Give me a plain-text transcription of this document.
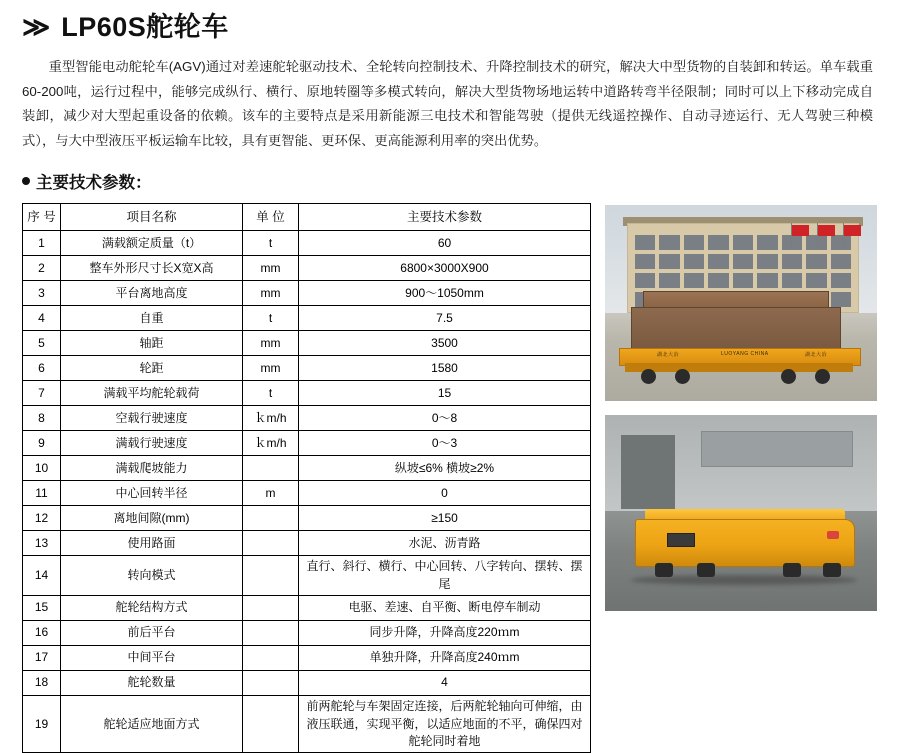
≫ LP60S舵轮车

重型智能电动舵轮车(AGV)通过对差速舵轮驱动技术、全轮转向控制技术、升降控制技术的研究，解决大中型货物的自装卸和转运。单车载重60-200吨，运行过程中，能够完成纵行、横行、原地转圈等多模式转向，解决大型货物场地运转中道路转弯半径限制；同时可以上下移动完成自装卸，减少对大型起重设备的依赖。该车的主要特点是采用新能源三电技术和智能驾驶（提供无线遥控操作、自动寻迹运行、无人驾驶三种模式），与大中型液压平板运输车比较，具有更智能、更环保、更高能源利用率的突出优势。

主要技术参数：
序 号	项目名称	单 位	主要技术参数
1	满载额定质量（t）	t	60
2	整车外形尺寸长X宽X高	mm	6800×3000X900
3	平台离地高度	mm	900～1050mm
4	自重	t	7.5
5	轴距	mm	3500
6	轮距	mm	1580
7	满载平均舵轮载荷	t	15
8	空载行驶速度	ｋm/h	0～8
9	满载行驶速度	ｋm/h	0～3
10	满载爬坡能力		纵坡≤6% 横坡≥2%
11	中心回转半径	m	0
12	离地间隙(mm)		≥150
13	使用路面		水泥、沥青路
14	转向模式		直行、斜行、横行、中心回转、八字转向、摆转、摆尾
15	舵轮结构方式		电驱、差速、自平衡、断电停车制动
16	前后平台		同步升降，升降高度220ｍm
17	中间平台		单独升降，升降高度240ｍm
18	舵轮数量		4
19	舵轮适应地面方式		前两舵轮与车架固定连接，后两舵轮轴向可伸缩，由液压联通，实现平衡，以适应地面的不平，确保四对舵轮同时着地
湖北大冶	LUOYANG CHINA	湖北大冶
